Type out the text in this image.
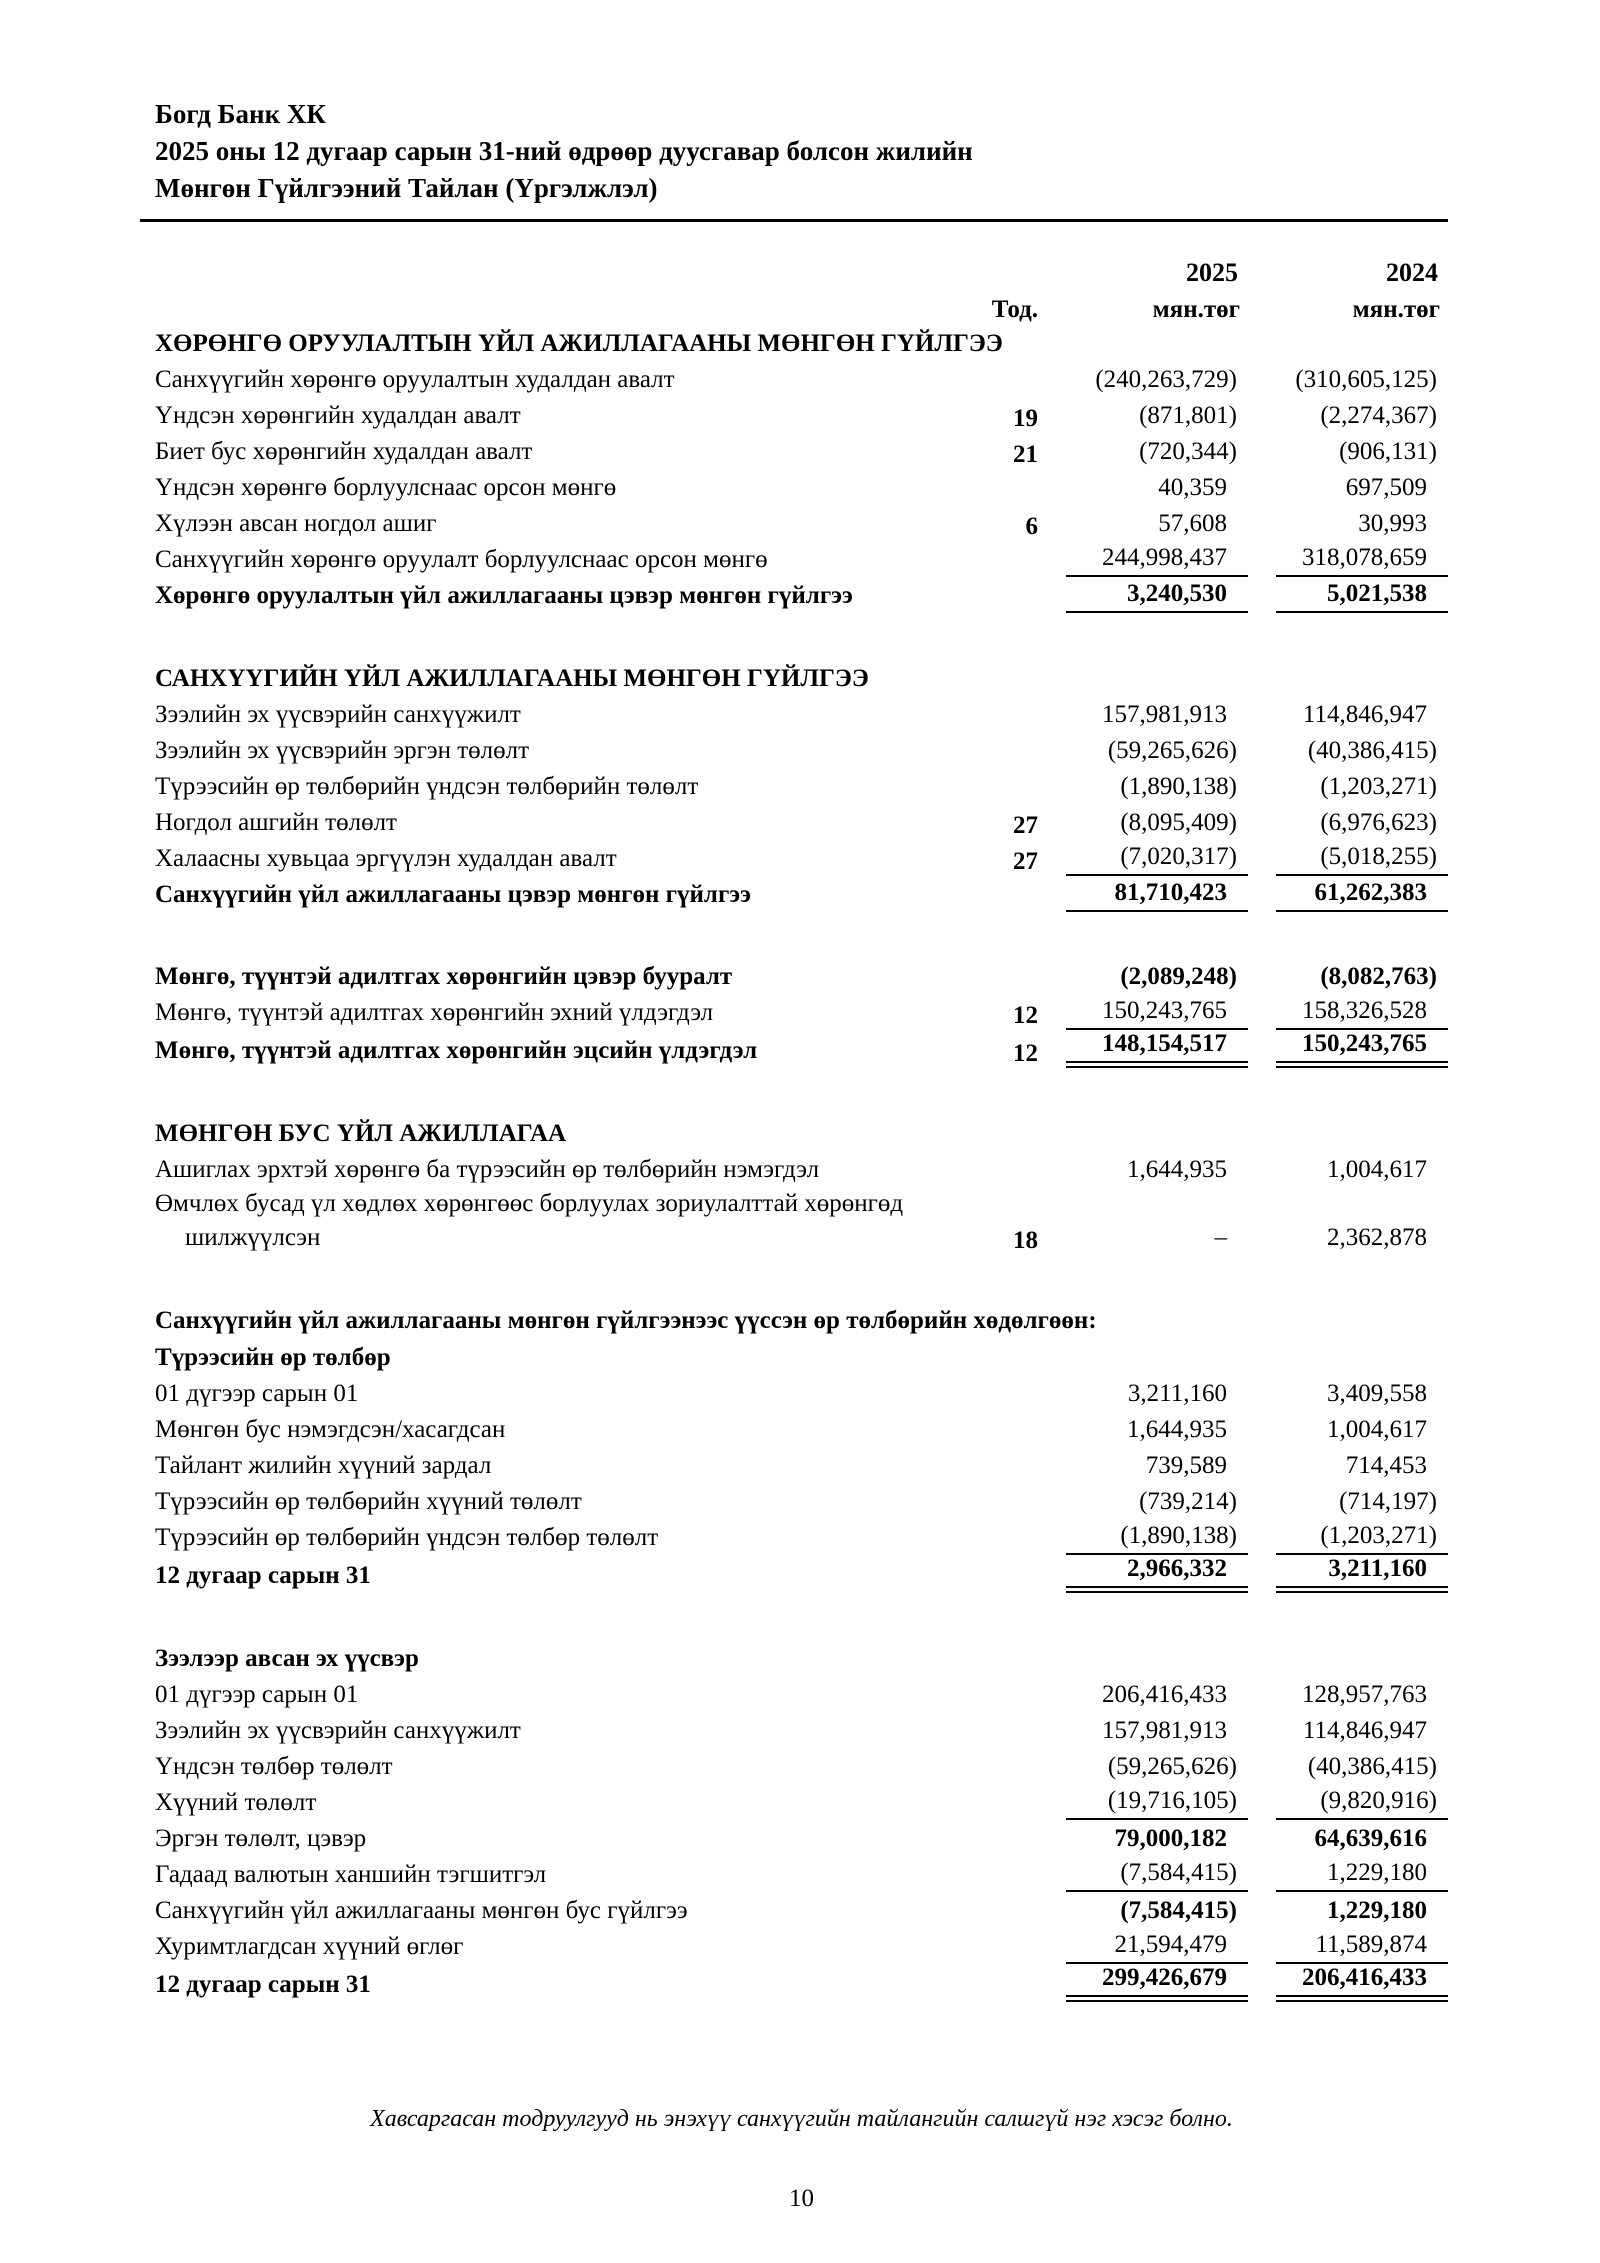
Богд Банк ХК
2025 оны 12 дугаар сарын 31-ний өдрөөр дуусгавар болсон жилийн
Мөнгөн Гүйлгээний Тайлан (Үргэлжлэл)
2025	2024
Тод.	мян.төг	мян.төг
ХӨРӨНГӨ ОРУУЛАЛТЫН ҮЙЛ АЖИЛЛАГААНЫ МӨНГӨН ГҮЙЛГЭЭ
Санхүүгийн хөрөнгө оруулалтын худалдан авалт	(240,263,729)	(310,605,125)
Үндсэн хөрөнгийн худалдан авалт	19	(871,801)	(2,274,367)
Биет бус хөрөнгийн худалдан авалт	21	(720,344)	(906,131)
Үндсэн хөрөнгө борлуулснаас орсон мөнгө	40,359	697,509
Хүлээн авсан ногдол ашиг	6	57,608	30,993
Санхүүгийн хөрөнгө оруулалт борлуулснаас орсон мөнгө	244,998,437	318,078,659
Хөрөнгө оруулалтын үйл ажиллагааны цэвэр мөнгөн гүйлгээ	3,240,530	5,021,538
САНХҮҮГИЙН ҮЙЛ АЖИЛЛАГААНЫ МӨНГӨН ГҮЙЛГЭЭ
Зээлийн эх үүсвэрийн санхүүжилт	157,981,913	114,846,947
Зээлийн эх үүсвэрийн эргэн төлөлт	(59,265,626)	(40,386,415)
Түрээсийн өр төлбөрийн үндсэн төлбөрийн төлөлт	(1,890,138)	(1,203,271)
Ногдол ашгийн төлөлт	27	(8,095,409)	(6,976,623)
Халаасны хувьцаа эргүүлэн худалдан авалт	27	(7,020,317)	(5,018,255)
Санхүүгийн үйл ажиллагааны цэвэр мөнгөн гүйлгээ	81,710,423	61,262,383
Мөнгө, түүнтэй адилтгах хөрөнгийн цэвэр бууралт	(2,089,248)	(8,082,763)
Мөнгө, түүнтэй адилтгах хөрөнгийн эхний үлдэгдэл	12	150,243,765	158,326,528
Мөнгө, түүнтэй адилтгах хөрөнгийн эцсийн үлдэгдэл	12	148,154,517	150,243,765
МӨНГӨН БУС ҮЙЛ АЖИЛЛАГАА
Ашиглах эрхтэй хөрөнгө ба түрээсийн өр төлбөрийн нэмэгдэл	1,644,935	1,004,617
Өмчлөх бусад үл хөдлөх хөрөнгөөс борлуулах зориулалттай хөрөнгөд
шилжүүлсэн	18	–	2,362,878
Санхүүгийн үйл ажиллагааны мөнгөн гүйлгээнээс үүссэн өр төлбөрийн хөдөлгөөн:
Түрээсийн өр төлбөр
01 дүгээр сарын 01	3,211,160	3,409,558
Мөнгөн бус нэмэгдсэн/хасагдсан	1,644,935	1,004,617
Тайлант жилийн хүүний зардал	739,589	714,453
Түрээсийн өр төлбөрийн хүүний төлөлт	(739,214)	(714,197)
Түрээсийн өр төлбөрийн үндсэн төлбөр төлөлт	(1,890,138)	(1,203,271)
12 дугаар сарын 31	2,966,332	3,211,160
Зээлээр авсан эх үүсвэр
01 дүгээр сарын 01	206,416,433	128,957,763
Зээлийн эх үүсвэрийн санхүүжилт	157,981,913	114,846,947
Үндсэн төлбөр төлөлт	(59,265,626)	(40,386,415)
Хүүний төлөлт	(19,716,105)	(9,820,916)
Эргэн төлөлт, цэвэр	79,000,182	64,639,616
Гадаад валютын ханшийн тэгшитгэл	(7,584,415)	1,229,180
Санхүүгийн үйл ажиллагааны мөнгөн бус гүйлгээ	(7,584,415)	1,229,180
Хуримтлагдсан хүүний өглөг	21,594,479	11,589,874
12 дугаар сарын 31	299,426,679	206,416,433
Хавсаргасан тодруулгууд нь энэхүү санхүүгийн тайлангийн салшгүй нэг хэсэг болно.
10
